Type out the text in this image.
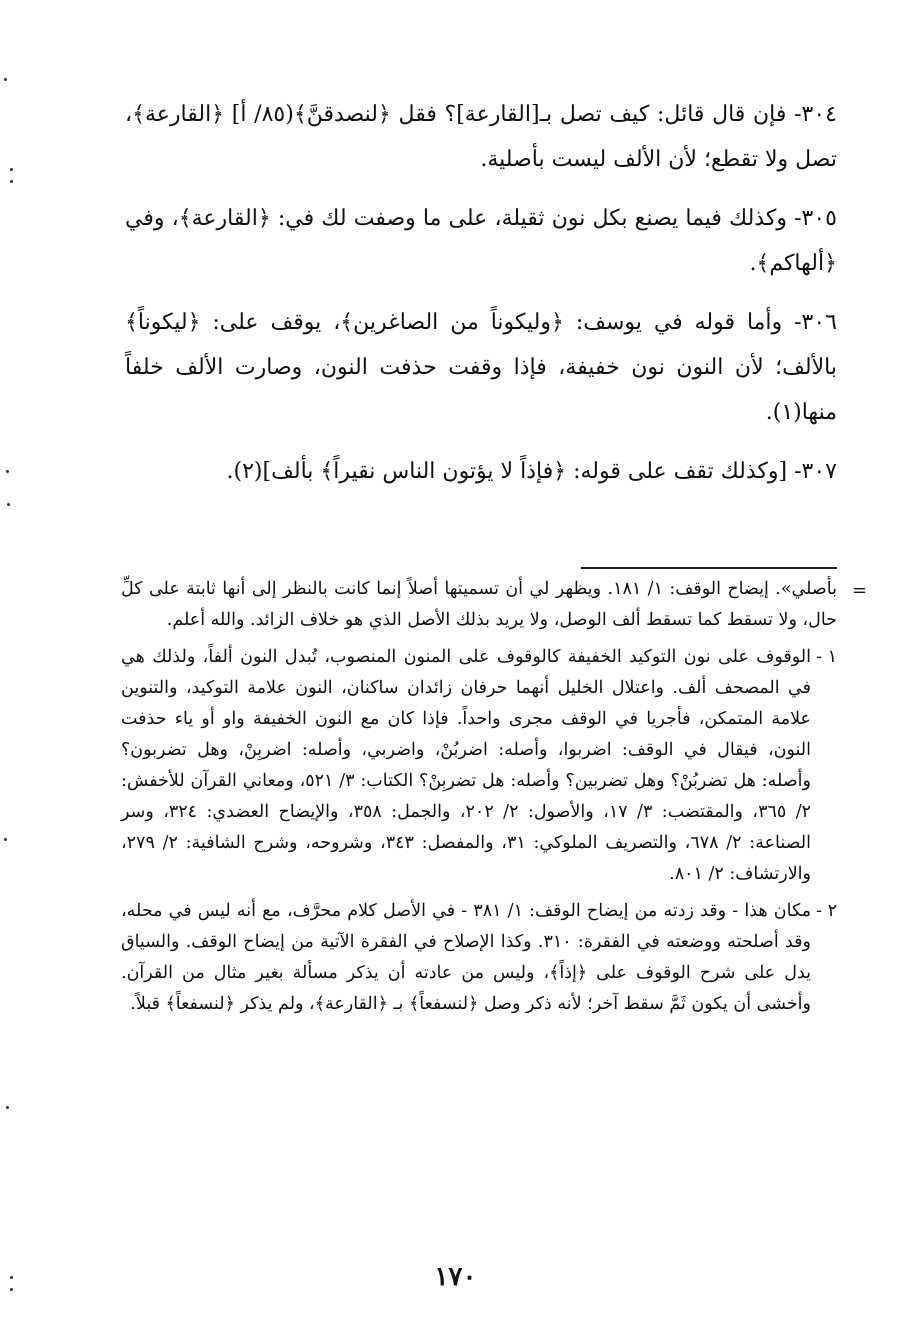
٣٠٤- فإن قال قائل: كيف تصل بـ[القارعة]؟ فقل ﴿لنصدقنَّ﴾(٨٥/ أ] ﴿القارعة﴾، تصل ولا تقطع؛ لأن الألف ليست بأصلية.

٣٠٥- وكذلك فيما يصنع بكل نون ثقيلة، على ما وصفت لك في: ﴿القارعة﴾، وفي ﴿ألهاكم﴾.

٣٠٦- وأما قوله في يوسف: ﴿وليكوناً من الصاغرين﴾، يوقف على: ﴿ليكوناً﴾ بالألف؛ لأن النون نون خفيفة، فإذا وقفت حذفت النون، وصارت الألف خلفاً منها(١).

٣٠٧- [وكذلك تقف على قوله: ﴿فإذاً لا يؤتون الناس نقيراً﴾ بألف](٢).

=

بأصلي». إيضاح الوقف: ١/ ١٨١. ويظهر لي أن تسميتها أصلاً إنما كانت بالنظر إلى أنها ثابتة على كلِّ حال، ولا تسقط كما تسقط ألف الوصل، ولا يريد بذلك الأصل الذي هو خلاف الزائد. والله أعلم.

١ -
الوقوف على نون التوكيد الخفيفة كالوقوف على المنون المنصوب، تُبدل النون ألفاً، ولذلك هي في المصحف ألف. واعتلال الخليل أنهما حرفان زائدان ساكنان، النون علامة التوكيد، والتنوين علامة المتمكن، فأجريا في الوقف مجرى واحداً. فإذا كان مع النون الخفيفة واو أو ياء حذفت النون، فيقال في الوقف: اضربوا، وأصله: اضربُنْ، واضربي، وأصله: اضربِنْ، وهل تضربون؟ وأصله: هل تضربُنْ؟ وهل تضربين؟ وأصله: هل تضربِنْ؟ الكتاب: ٣/ ٥٢١، ومعاني القرآن للأخفش: ٢/ ٣٦٥، والمقتضب: ٣/ ١٧، والأصول: ٢/ ٢٠٢، والجمل: ٣٥٨، والإيضاح العضدي: ٣٢٤، وسر الصناعة: ٢/ ٦٧٨، والتصريف الملوكي: ٣١، والمفصل: ٣٤٣، وشروحه، وشرح الشافية: ٢/ ٢٧٩، والارتشاف: ٢/ ٨٠١.
٢ -
مكان هذا - وقد زدته من إيضاح الوقف: ١/ ٣٨١ - في الأصل كلام محرَّف، مع أنه ليس في محله، وقد أصلحته ووضعته في الفقرة: ٣١٠. وكذا الإصلاح في الفقرة الآتية من إيضاح الوقف. والسياق يدل على شرح الوقوف على ﴿إذاً﴾، وليس من عادته أن يذكر مسألة بغير مثال من القرآن. وأخشى أن يكون ثَمَّ سقط آخر؛ لأنه ذكر وصل ﴿لنسفعاً﴾ بـ ﴿القارعة﴾، ولم يذكر ﴿لنسفعاً﴾ قبلاً.
١٧٠
